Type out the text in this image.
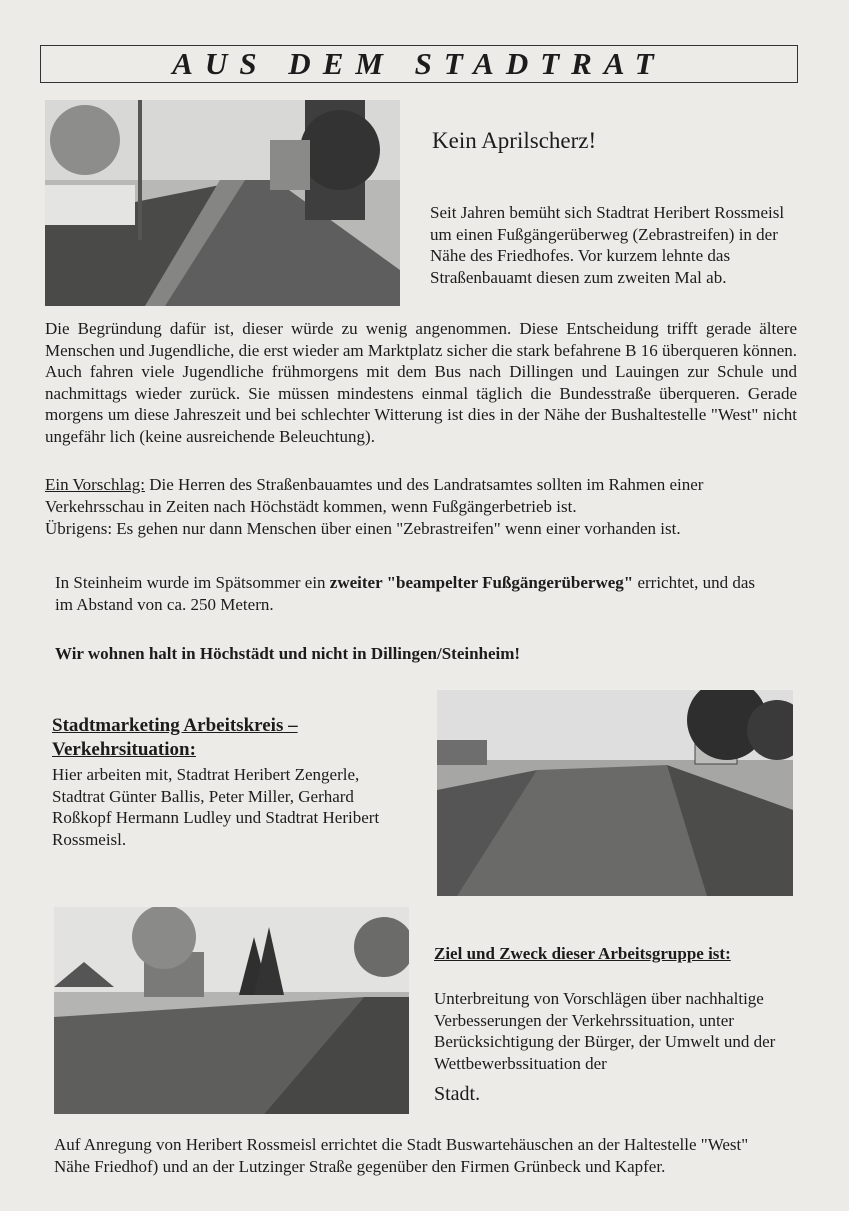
AUS DEM STADTRAT
Kein Aprilscherz!
Seit Jahren bemüht sich Stadtrat Heribert Rossmeisl um einen Fußgängerüberweg (Zebrastreifen) in der Nähe des Friedhofes. Vor kurzem lehnte das Straßenbauamt diesen zum zweiten Mal ab.
Die Begründung dafür ist, dieser würde zu wenig angenommen. Diese Entscheidung trifft gerade ältere Menschen und Jugendliche, die erst wieder am Marktplatz sicher die stark befahrene B 16 überqueren können. Auch fahren viele Jugendliche frühmorgens mit dem Bus nach Dillingen und Lauingen zur Schule und nachmittags wieder zurück. Sie müssen mindestens einmal täglich die Bundesstraße überqueren. Gerade morgens um diese Jahreszeit und bei schlechter Witterung ist dies in der Nähe der Bushaltestelle "West" nicht ungefähr lich (keine ausreichende Beleuchtung).
Ein Vorschlag: Die Herren des Straßenbauamtes und des Landratsamtes sollten im Rahmen einer Verkehrsschau in Zeiten nach Höchstädt kommen, wenn Fußgängerbetrieb ist.
Übrigens: Es gehen nur dann Menschen über einen "Zebrastreifen" wenn einer vorhanden ist.
In Steinheim wurde im Spätsommer ein zweiter "beampelter Fußgängerüberweg" errichtet, und das im Abstand von ca. 250 Metern.
Wir wohnen halt in Höchstädt und nicht in Dillingen/Steinheim!
Stadtmarketing Arbeitskreis –
Verkehrsituation:
Hier arbeiten mit, Stadtrat Heribert Zengerle, Stadtrat Günter Ballis, Peter Miller, Gerhard Roßkopf Hermann Ludley und Stadtrat Heribert Rossmeisl.
Ziel und Zweck dieser Arbeitsgruppe ist:
Unterbreitung von Vorschlägen über nachhaltige Verbesserungen der Verkehrssituation, unter Berücksichtigung der Bürger, der Umwelt und der Wettbewerbssituation der
Stadt.
Auf Anregung von Heribert Rossmeisl errichtet die Stadt Buswartehäuschen an der Haltestelle "West" Nähe Friedhof) und an der Lutzinger Straße gegenüber den Firmen Grünbeck und Kapfer.
